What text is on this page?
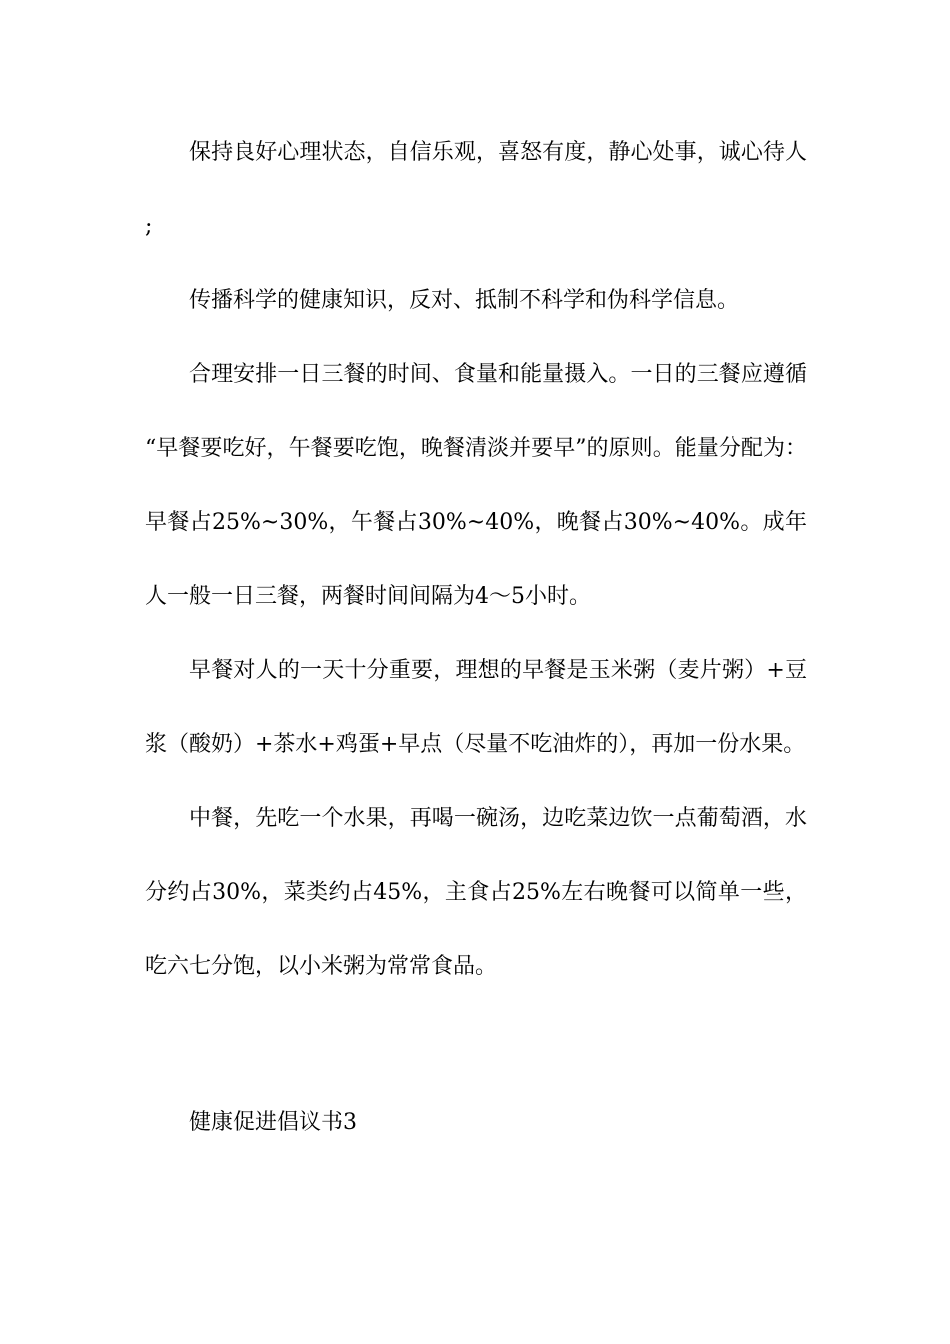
保持良好心理状态，自信乐观，喜怒有度，静心处事，诚心待人;

传播科学的健康知识，反对、抵制不科学和伪科学信息。

合理安排一日三餐的时间、食量和能量摄入。一日的三餐应遵循“早餐要吃好，午餐要吃饱，晚餐清淡并要早”的原则。能量分配为：早餐占25%~30%，午餐占30%~40%，晚餐占30%~40%。成年人一般一日三餐，两餐时间间隔为4～5小时。

早餐对人的一天十分重要，理想的早餐是玉米粥（麦片粥）+豆浆（酸奶）+茶水+鸡蛋+早点（尽量不吃油炸的），再加一份水果。

中餐，先吃一个水果，再喝一碗汤，边吃菜边饮一点葡萄酒，水分约占30%，菜类约占45%，主食占25%左右晚餐可以简单一些，吃六七分饱，以小米粥为常常食品。

健康促进倡议书3
